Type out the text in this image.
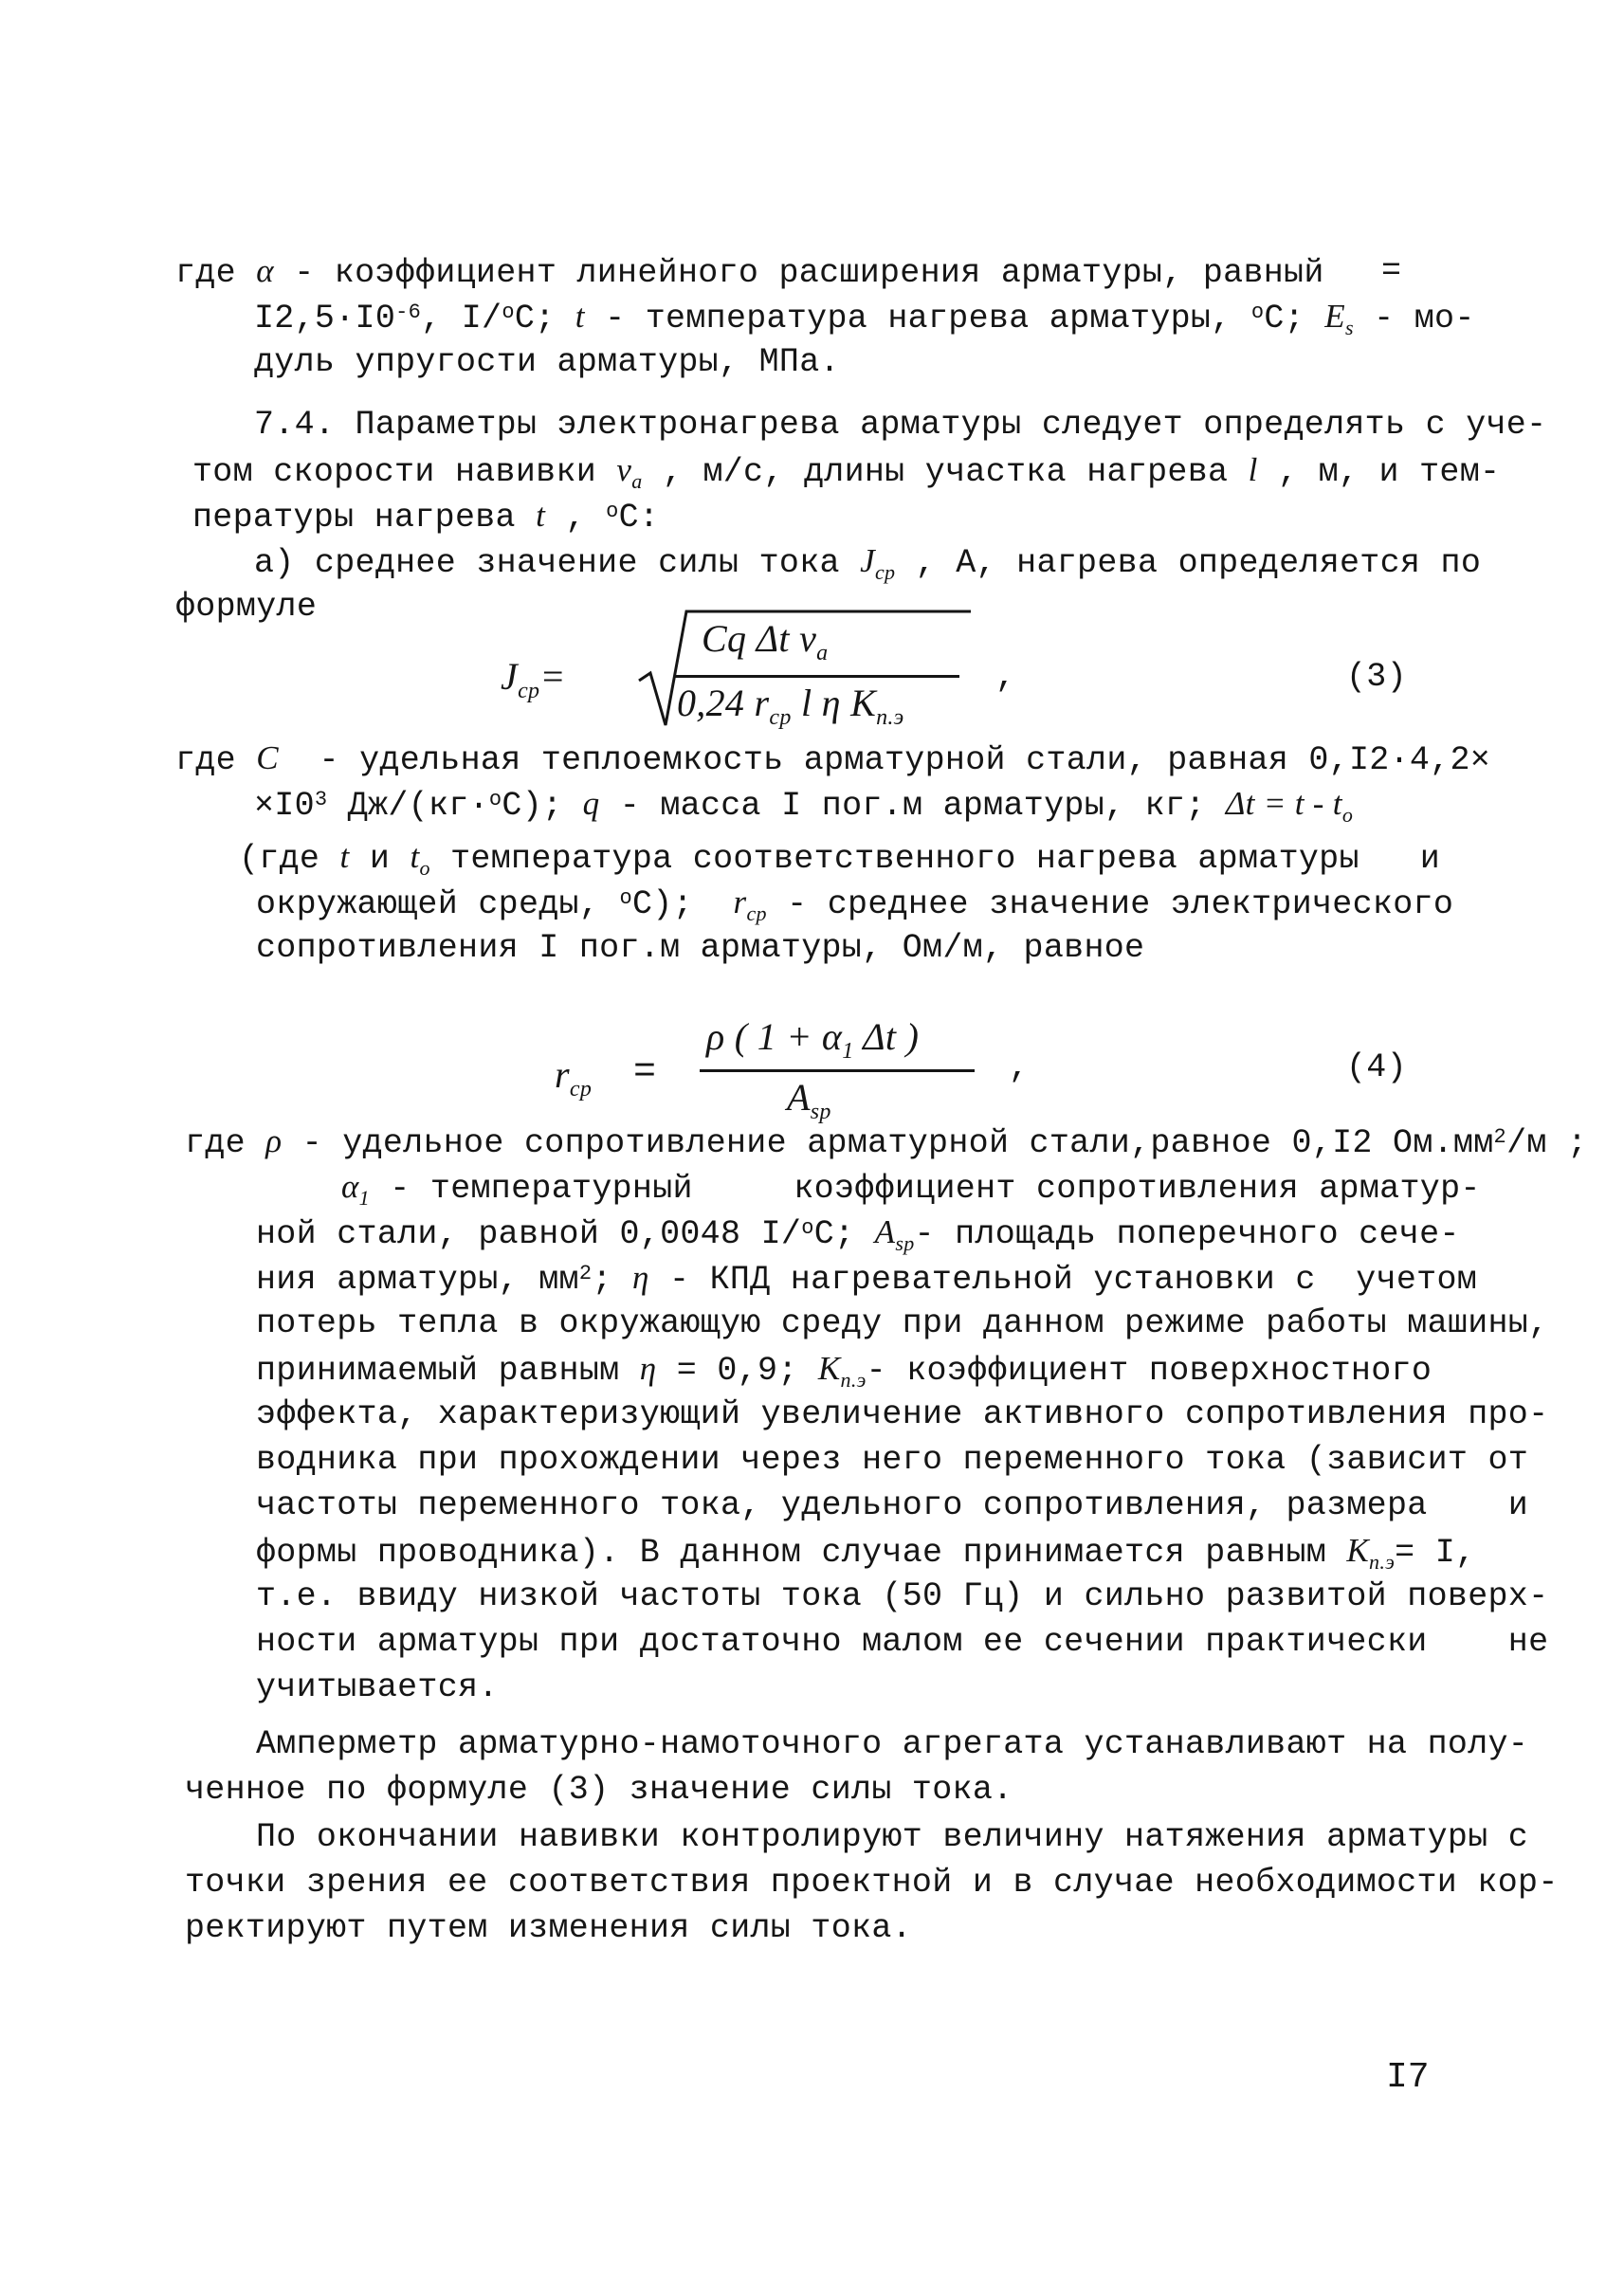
где α - коэффициент линейного расширения арматуры, равный =
$I2,5\cdot I0^{-6}$, I/$^o$C; t - температура нагрева арматуры, $^o$C; $E_s - мо-$
дуль упругости арматуры, МПа.
7.4. Параметры электронагрева арматуры следует определять с уче-
том скорости навивки $v_a$ , м/с, длины участка нагрева l , м, и тем-
пературы нагрева t , $^o$C:
а) среднее значение силы тока $J_{cp}$ , А, нагрева определяется по
формуле
$J_{cp}=$
Cq Δt $v_a$
0,24 $r_{cp}$ l η $K_{п.э}$
,	(3)
где C  - удельная теплоемкость арматурной стали, равная 0,I2·4,2×
$\times I0^3$ Дж/(кг·$^o$C); q - масса I пог.м арматуры, кг; $\Delta t = t - t_o$
(где t и $t_o$ температура соответственного нагрева арматуры   и
окружающей среды, $^o$C);  $r_{cp}$ - среднее значение электрического
сопротивления I пог.м арматуры, Ом/м, равное
$r_{cp}$ =
ρ ( $1 + \alpha_1$ Δt )
$A_{sp}$
,	(4)
где ρ - удельное сопротивление арматурной стали,равное 0,I2 $Ом.мм^2/м$ ;
$\alpha_1$ - температурный     коэффициент сопротивления арматур-
ной стали, равной 0,0048 I/$^o$C; $A_{sp}-$ площадь поперечного сече-
ния арматуры, $мм^2$; η - КПД нагревательной установки с  учетом
потерь тепла в окружающую среду при данном режиме работы машины,
принимаемый равным η = 0,9; $K_{п.э}-$ коэффициент поверхностного
эффекта, характеризующий увеличение активного сопротивления про-
водника при прохождении через него переменного тока (зависит от
частоты переменного тока, удельного сопротивления, размера    и
формы проводника). В данном случае принимается равным $K_{п.э}= I$,
т.е. ввиду низкой частоты тока (50 Гц) и сильно развитой поверх-
ности арматуры при достаточно малом ее сечении практически    не
учитывается.
Амперметр арматурно-намоточного агрегата устанавливают на полу-
ченное по формуле (3) значение силы тока.
По окончании навивки контролируют величину натяжения арматуры с
точки зрения ее соответствия проектной и в случае необходимости кор-
ректируют путем изменения силы тока.
I7
